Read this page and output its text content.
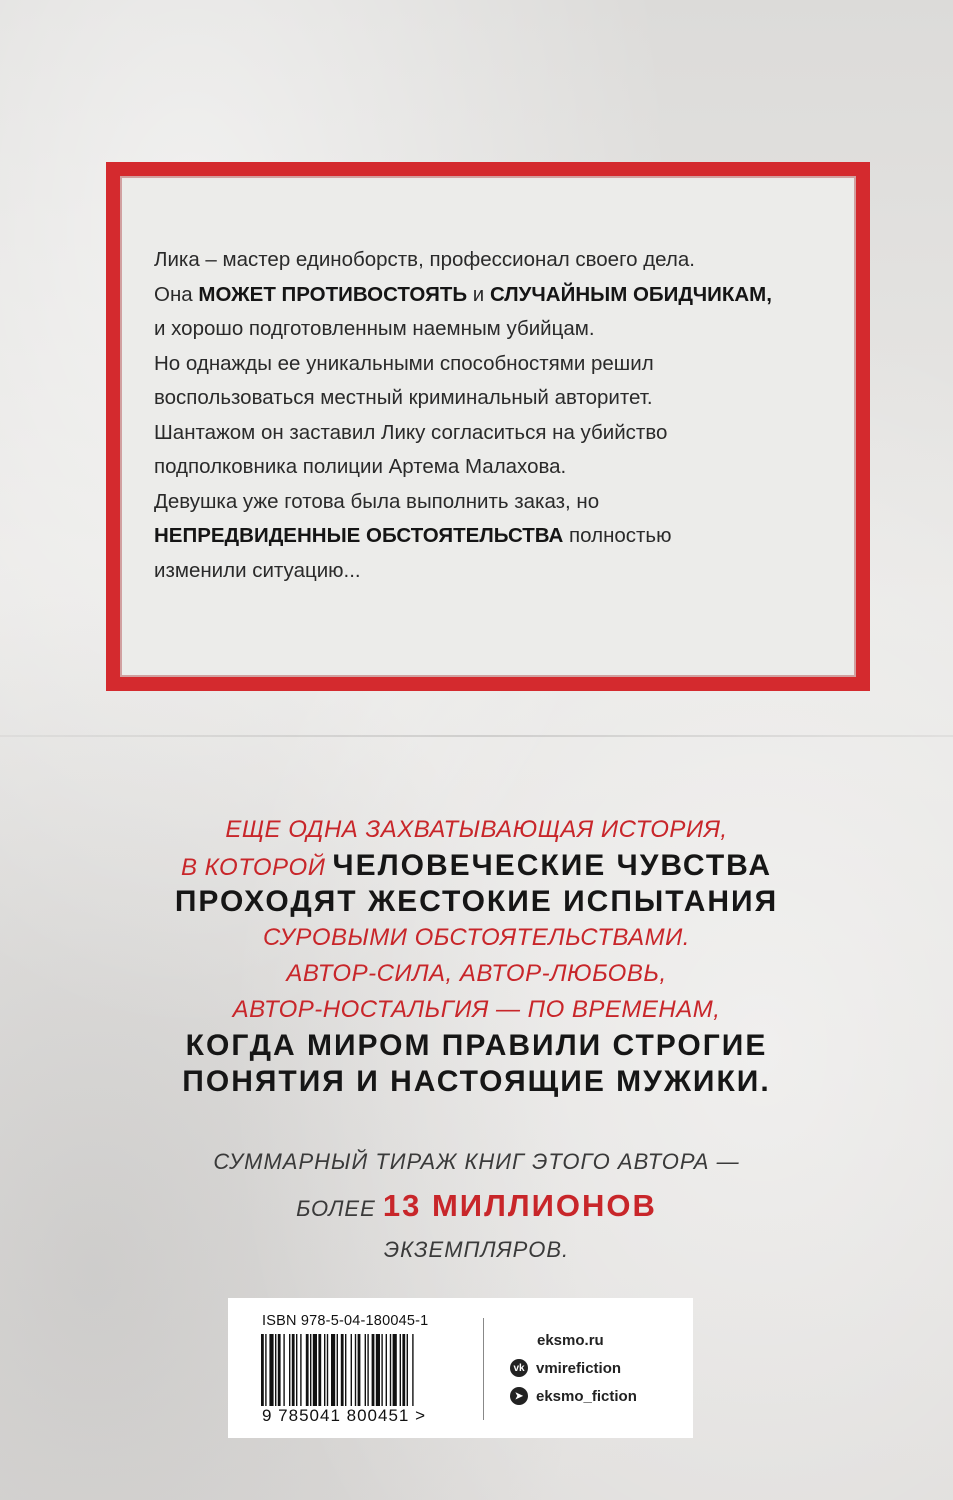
Лика – мастер единоборств, профессионал своего дела.
Она МОЖЕТ ПРОТИВОСТОЯТЬ и СЛУЧАЙНЫМ ОБИДЧИКАМ,
и хорошо подготовленным наемным убийцам.
Но однажды ее уникальными способностями решил
воспользоваться местный криминальный авторитет.
Шантажом он заставил Лику согласиться на убийство
подполковника полиции Артема Малахова.
Девушка уже готова была выполнить заказ, но
НЕПРЕДВИДЕННЫЕ ОБСТОЯТЕЛЬСТВА полностью
изменили ситуацию...
ЕЩЕ ОДНА ЗАХВАТЫВАЮЩАЯ ИСТОРИЯ,
В КОТОРОЙ ЧЕЛОВЕЧЕСКИЕ ЧУВСТВА
ПРОХОДЯТ ЖЕСТОКИЕ ИСПЫТАНИЯ
СУРОВЫМИ ОБСТОЯТЕЛЬСТВАМИ.
АВТОР-СИЛА, АВТОР-ЛЮБОВЬ,
АВТОР-НОСТАЛЬГИЯ — ПО ВРЕМЕНАМ,
КОГДА МИРОМ ПРАВИЛИ СТРОГИЕ
ПОНЯТИЯ И НАСТОЯЩИЕ МУЖИКИ.
СУММАРНЫЙ ТИРАЖ КНИГ ЭТОГО АВТОРА —
БОЛЕЕ 13 МИЛЛИОНОВ
ЭКЗЕМПЛЯРОВ.
ISBN 978-5-04-180045-1
9 785041 800451 >
eksmo.ru
vk vmirefiction
➤ eksmo_fiction
